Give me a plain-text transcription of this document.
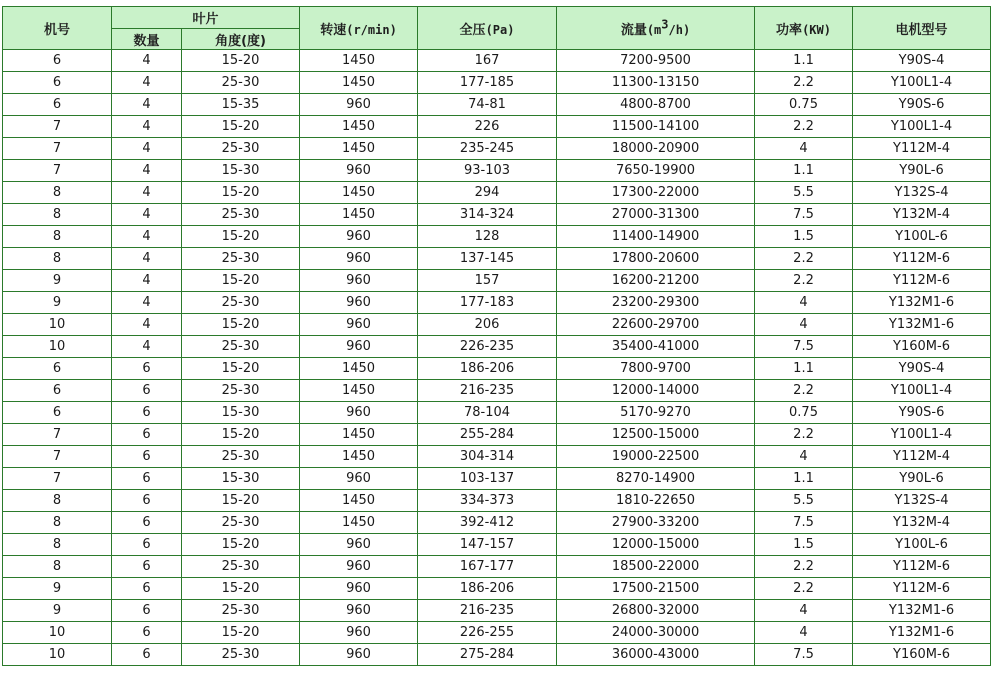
机号	叶片		转速(r/min)	全压(Pa)	流量$(m^3/h)$	功率(KW)	电机型号
	数量	角度(度)					
6	4	15-20	1450	167	7200-9500	1.1	Y90S-4
6	4	25-30	1450	177-185	11300-13150	2.2	Y100L1-4
6	4	15-35	960	74-81	4800-8700	0.75	Y90S-6
7	4	15-20	1450	226	11500-14100	2.2	Y100L1-4
7	4	25-30	1450	235-245	18000-20900	4	Y112M-4
7	4	15-30	960	93-103	7650-19900	1.1	Y90L-6
8	4	15-20	1450	294	17300-22000	5.5	Y132S-4
8	4	25-30	1450	314-324	27000-31300	7.5	Y132M-4
8	4	15-20	960	128	11400-14900	1.5	Y100L-6
8	4	25-30	960	137-145	17800-20600	2.2	Y112M-6
9	4	15-20	960	157	16200-21200	2.2	Y112M-6
9	4	25-30	960	177-183	23200-29300	4	Y132M1-6
10	4	15-20	960	206	22600-29700	4	Y132M1-6
10	4	25-30	960	226-235	35400-41000	7.5	Y160M-6
6	6	15-20	1450	186-206	7800-9700	1.1	Y90S-4
6	6	25-30	1450	216-235	12000-14000	2.2	Y100L1-4
6	6	15-30	960	78-104	5170-9270	0.75	Y90S-6
7	6	15-20	1450	255-284	12500-15000	2.2	Y100L1-4
7	6	25-30	1450	304-314	19000-22500	4	Y112M-4
7	6	15-30	960	103-137	8270-14900	1.1	Y90L-6
8	6	15-20	1450	334-373	1810-22650	5.5	Y132S-4
8	6	25-30	1450	392-412	27900-33200	7.5	Y132M-4
8	6	15-20	960	147-157	12000-15000	1.5	Y100L-6
8	6	25-30	960	167-177	18500-22000	2.2	Y112M-6
9	6	15-20	960	186-206	17500-21500	2.2	Y112M-6
9	6	25-30	960	216-235	26800-32000	4	Y132M1-6
10	6	15-20	960	226-255	24000-30000	4	Y132M1-6
10	6	25-30	960	275-284	36000-43000	7.5	Y160M-6
